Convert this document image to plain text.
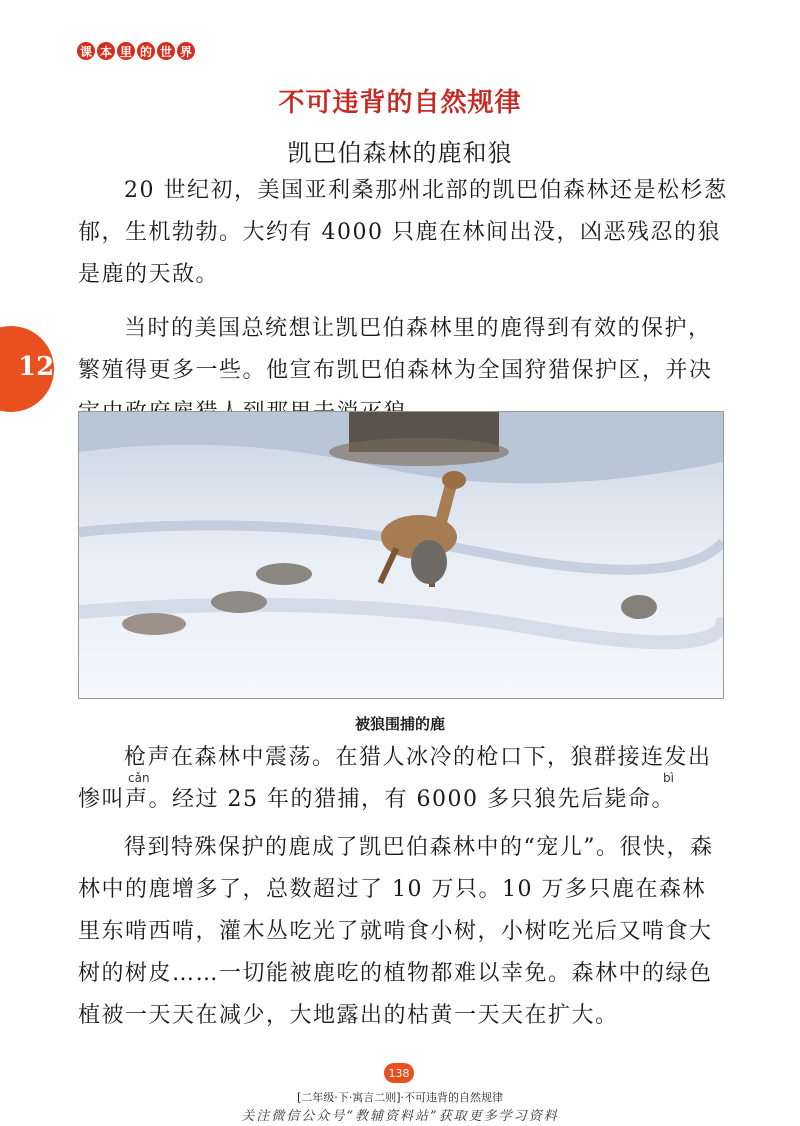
课 本 里 的 世 界
不可违背的自然规律
凯巴伯森林的鹿和狼
12

20 世纪初，美国亚利桑那州北部的凯巴伯森林还是松杉葱郁，生机勃勃。大约有 4000 只鹿在林间出没，凶恶残忍的狼是鹿的天敌。

当时的美国总统想让凯巴伯森林里的鹿得到有效的保护，繁殖得更多一些。他宣布凯巴伯森林为全国狩猎保护区，并决

被狼围捕的鹿
cǎn	bì

枪声在森林中震荡。在猎人冰冷的枪口下，狼群接连发出惨叫声。经过 25 年的猎捕，有 6000 多只狼先后毙命。

得到特殊保护的鹿成了凯巴伯森林中的“宠儿”。很快，森林中的鹿增多了，总数超过了 10 万只。10 万多只鹿在森林里东啃西啃，灌木丛吃光了就啃食小树，小树吃光后又啃食大树的树皮……一切能被鹿吃的植物都难以幸免。森林中的绿色植被一天天在减少，大地露出的枯黄一天天在扩大。

138
[二年级·下·寓言二则]·不可违背的自然规律
关注微信公众号“教辅资料站”获取更多学习资料
